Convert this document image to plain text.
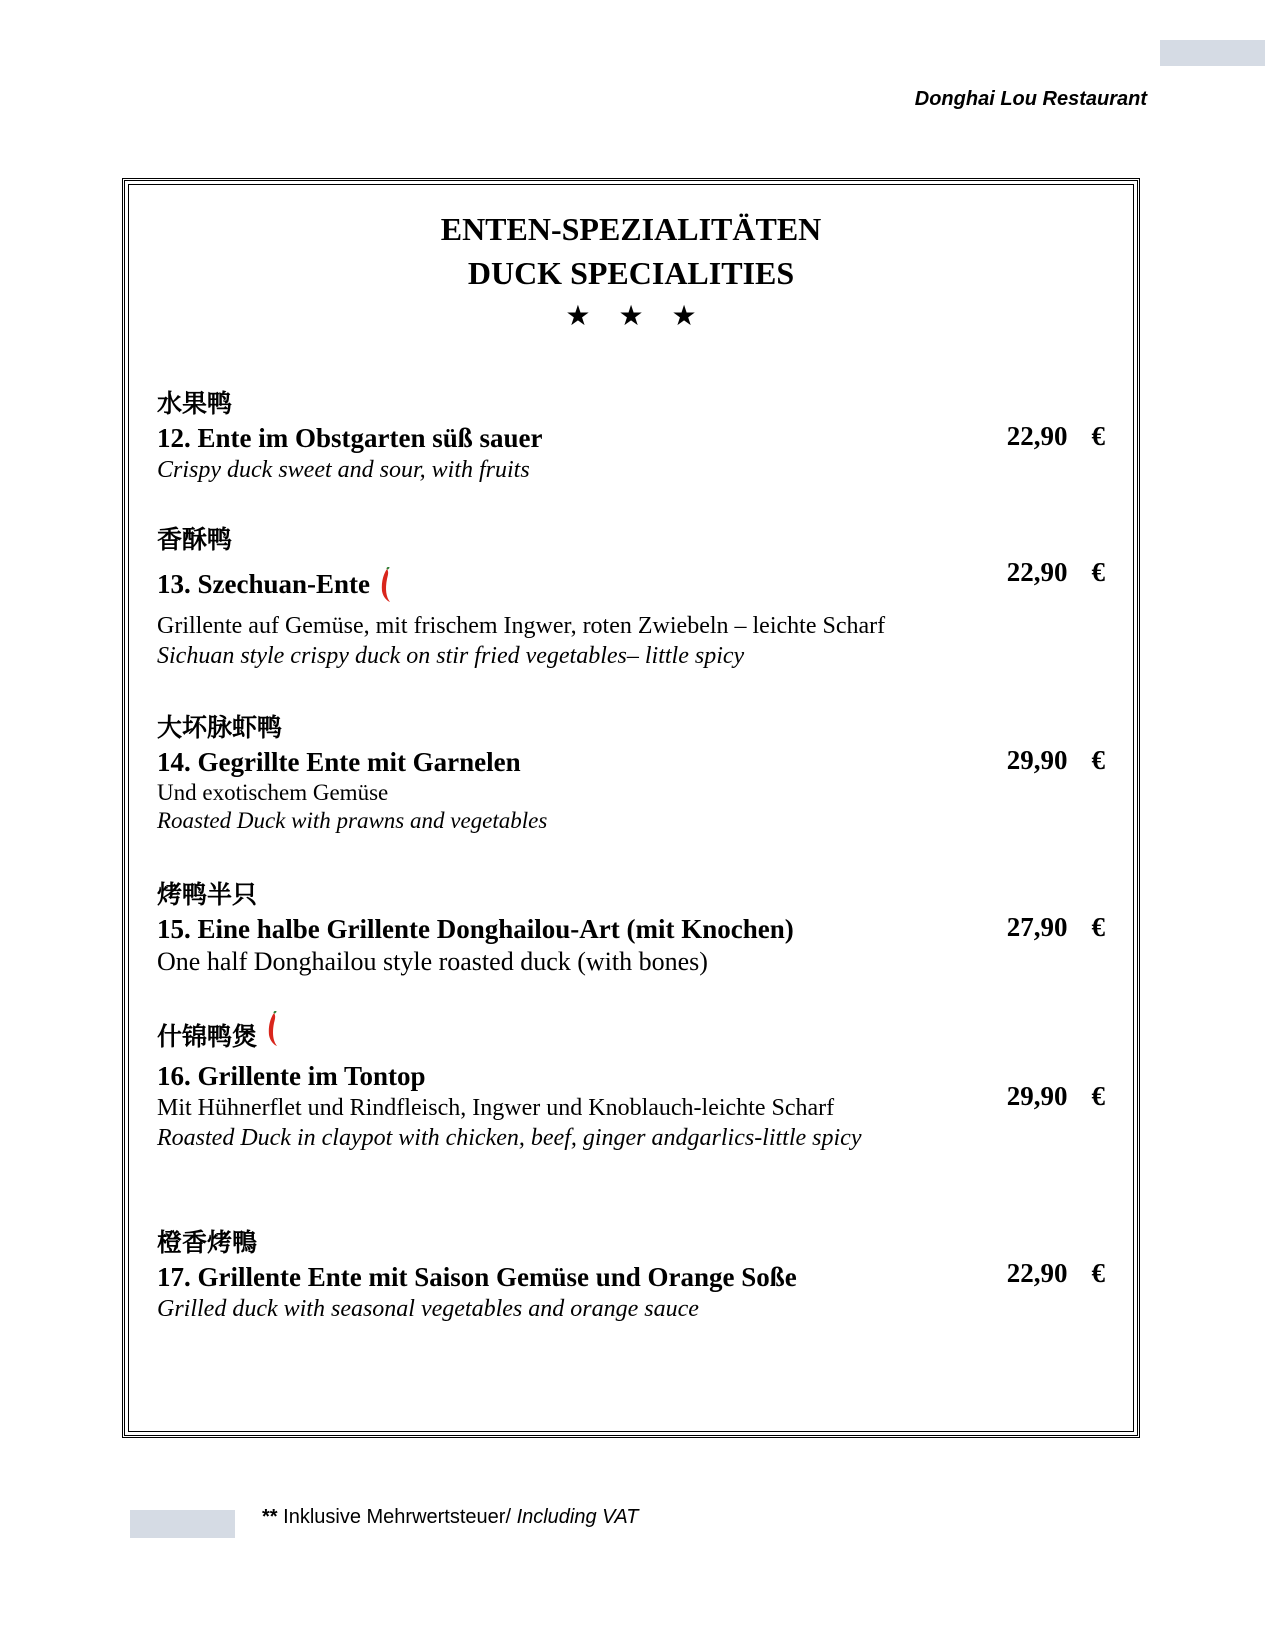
Donghai Lou Restaurant
ENTEN-SPEZIALITÄTEN
DUCK SPECIALITIES
★★★
水果鸭
12. Ente im Obstgarten süß sauer
Crispy duck sweet and sour, with fruits
22,90 €
香酥鸭
13. Szechuan-Ente
Grillente auf Gemüse, mit frischem Ingwer, roten Zwiebeln – leichte Scharf
Sichuan style crispy duck on stir fried vegetables– little spicy
22,90 €
大坏脉虾鸭
14. Gegrillte Ente mit Garnelen
Und exotischem Gemüse
Roasted Duck with prawns and vegetables
29,90 €
烤鸭半只
15. Eine halbe Grillente Donghailou-Art (mit Knochen)
One half Donghailou style roasted duck (with bones)
27,90 €
什锦鸭煲
16. Grillente im Tontop
Mit Hühnerflet und Rindfleisch, Ingwer und Knoblauch-leichte Scharf
Roasted Duck in claypot with chicken, beef, ginger andgarlics-little spicy
29,90 €
橙香烤鴨
17. Grillente Ente mit Saison Gemüse und Orange Soße
Grilled duck with seasonal vegetables and orange sauce
22,90 €
** Inklusive Mehrwertsteuer/ Including VAT
